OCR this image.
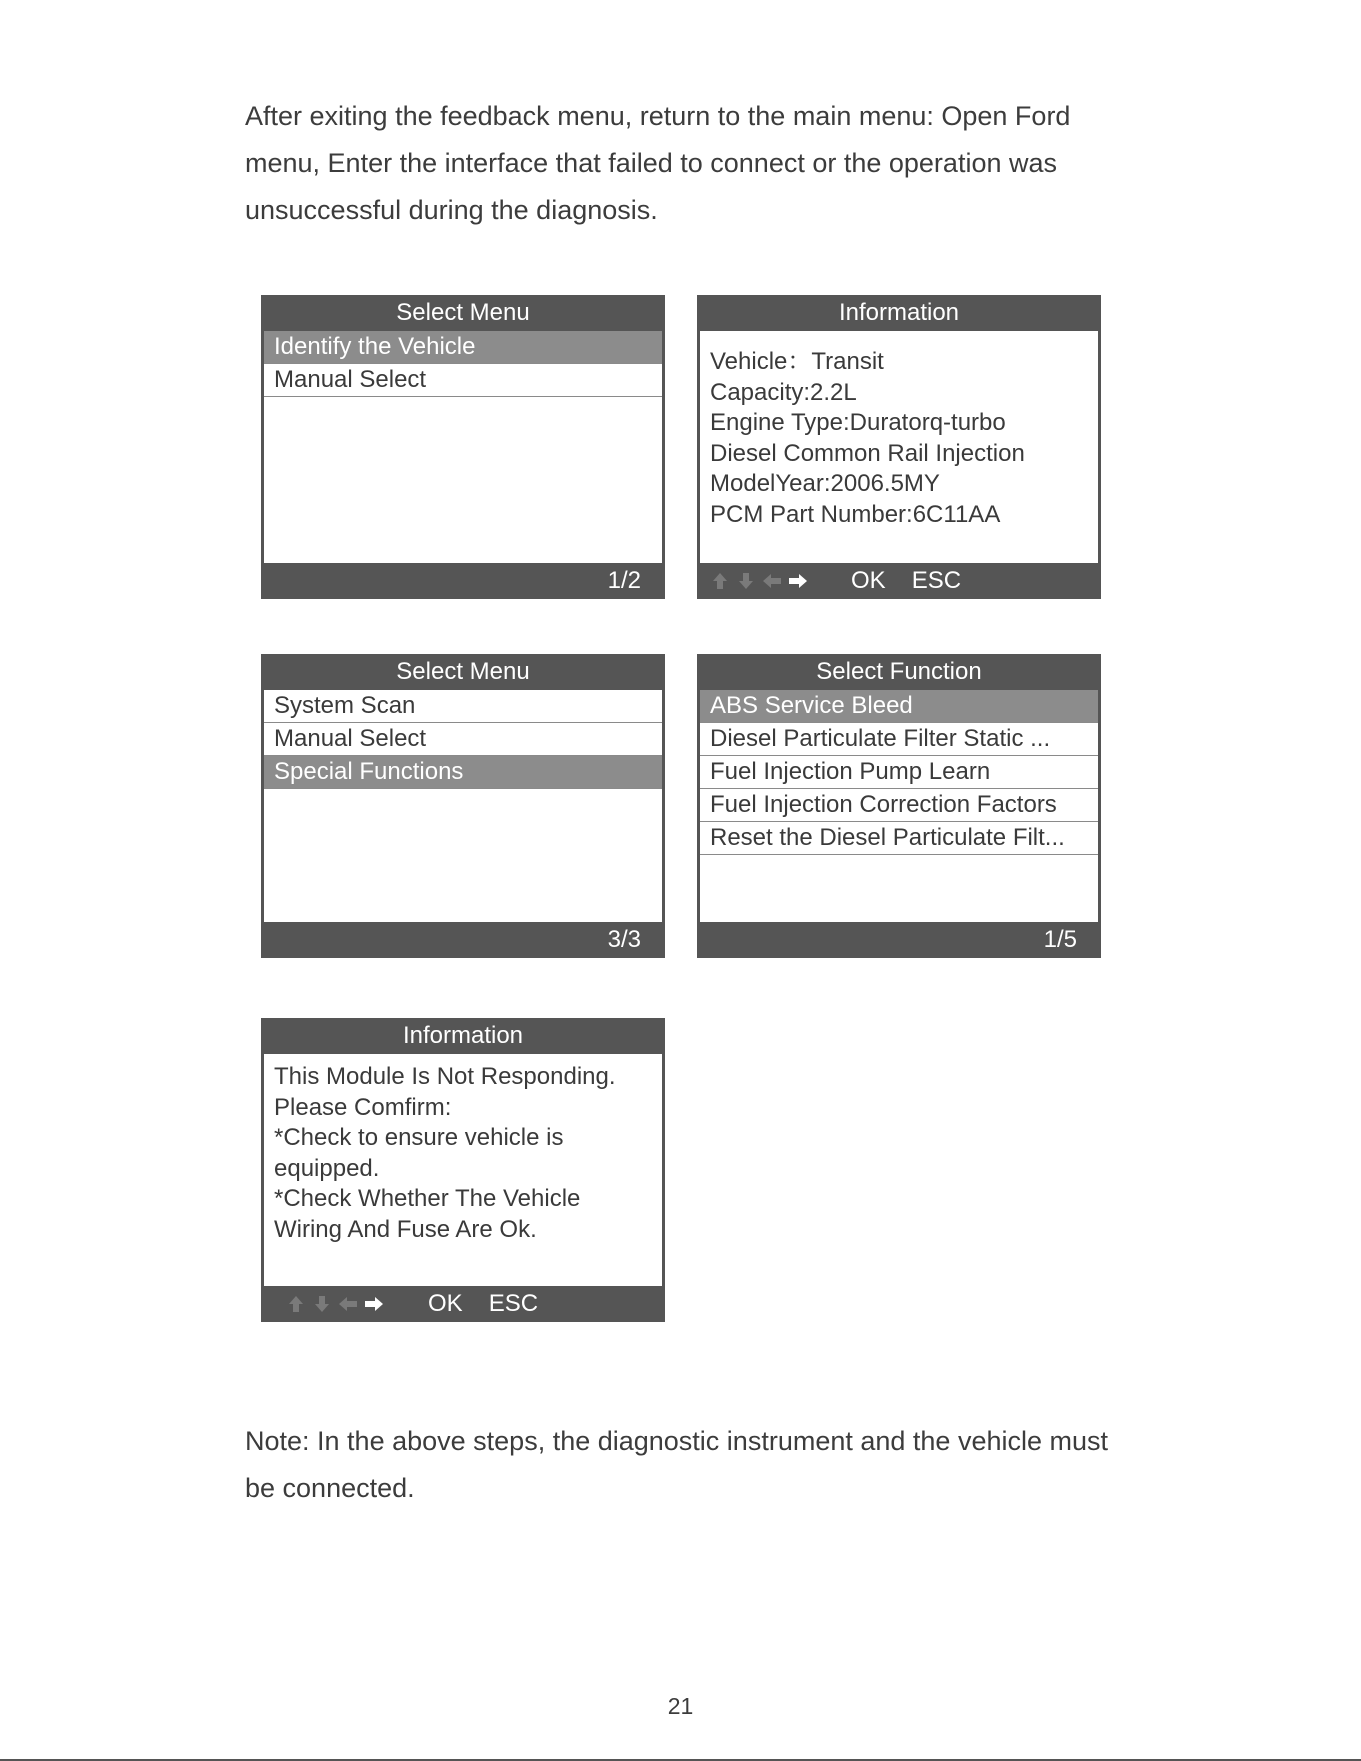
After exiting the feedback menu, return to the main menu: Open Ford menu, Enter the interface that failed to connect or the operation was unsuccessful during the diagnosis.

Select Menu
Identify the Vehicle
Manual Select
1/2
Information
Vehicle：Transit
Capacity:2.2L
Engine Type:Duratorq-turbo
Diesel Common Rail Injection
ModelYear:2006.5MY
PCM Part Number:6C11AA
OK ESC
Select Menu
System Scan
Manual Select
Special Functions
3/3
Select Function
ABS Service Bleed
Diesel Particulate Filter Static ...
Fuel Injection Pump Learn
Fuel Injection Correction Factors
Reset the Diesel Particulate Filt...
1/5
Information
This Module Is Not Responding.
Please Comfirm:
*Check to ensure vehicle is
equipped.
*Check Whether The Vehicle
Wiring And Fuse Are Ok.
OK ESC

Note: In the above steps, the diagnostic instrument and the vehicle must be connected.

21
